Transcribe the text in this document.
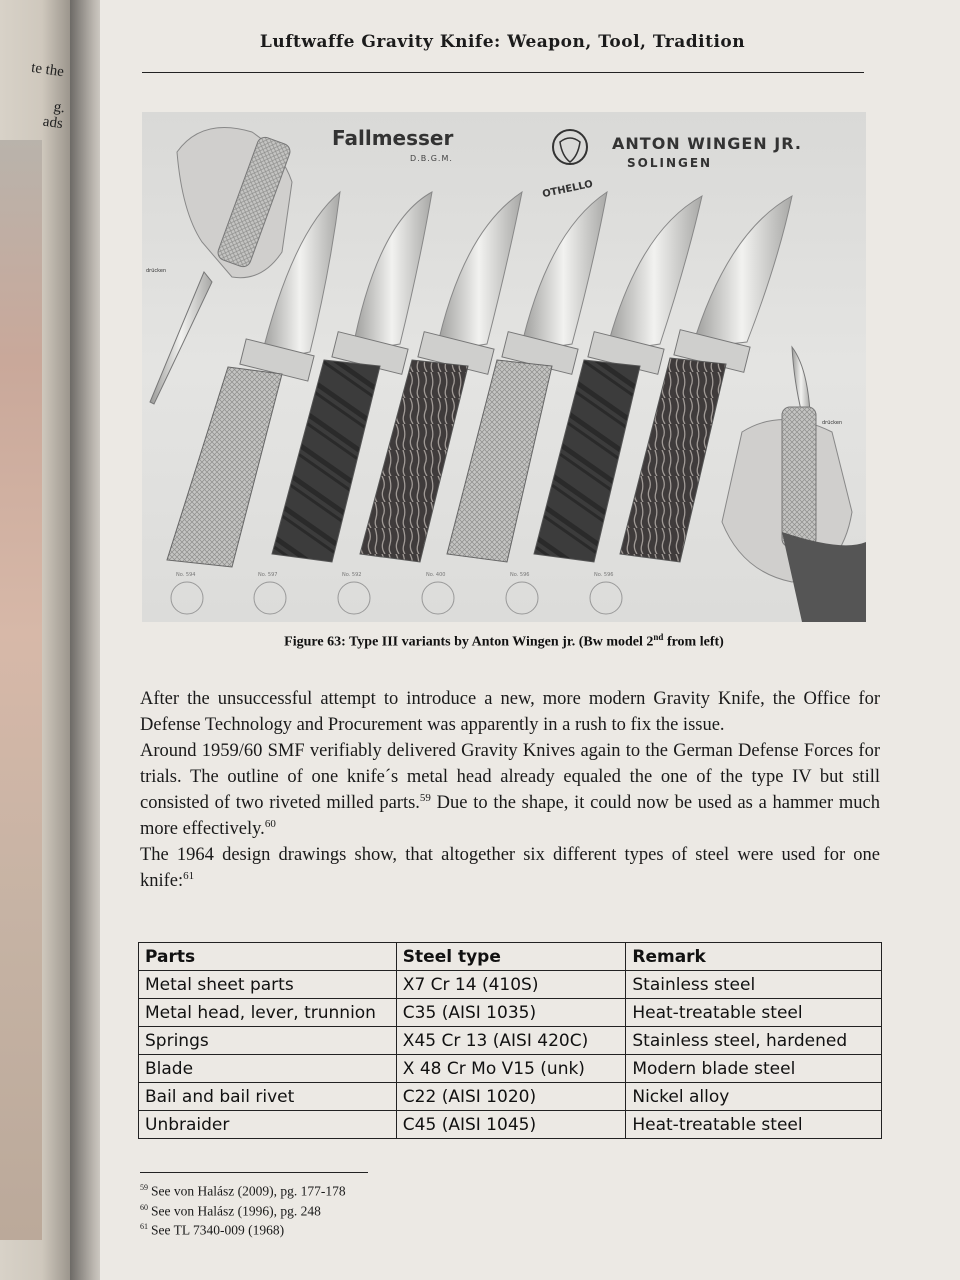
te the
g. ads
Luftwaffe Gravity Knife: Weapon, Tool, Tradition
Fallmesser
D.B.G.M.
ANTON WINGEN JR.
SOLINGEN
OTHELLO
drücken
drücken
No. 594	No. 597	No. 592	No. 400	No. 596	No. 596
Figure 63: Type III variants by Anton Wingen jr. (Bw model 2nd from left)

After the unsuccessful attempt to introduce a new, more modern Gravity Knife, the Office for Defense Technology and Procurement was apparently in a rush to fix the issue.

Around 1959/60 SMF verifiably delivered Gravity Knives again to the German Defense Forces for trials. The outline of one knife´s metal head already equaled the one of the type IV but still consisted of two riveted milled parts.$^{59}$ Due to the shape, it could now be used as a hammer much more effectively.$^{60}$

The 1964 design drawings show, that altogether six different types of steel were used for one knife:$^{61}$

Parts	Steel type	Remark
Metal sheet parts	X7 Cr 14 (410S)	Stainless steel
Metal head, lever, trunnion	C35 (AISI 1035)	Heat-treatable steel
Springs	X45 Cr 13 (AISI 420C)	Stainless steel, hardened
Blade	X 48 Cr Mo V15 (unk)	Modern blade steel
Bail and bail rivet	C22 (AISI 1020)	Nickel alloy
Unbraider	C45 (AISI 1045)	Heat-treatable steel
$^{59}$ See von Halász (2009), pg. 177-178
$^{60}$ See von Halász (1996), pg. 248
$^{61}$ See TL 7340-009 (1968)
